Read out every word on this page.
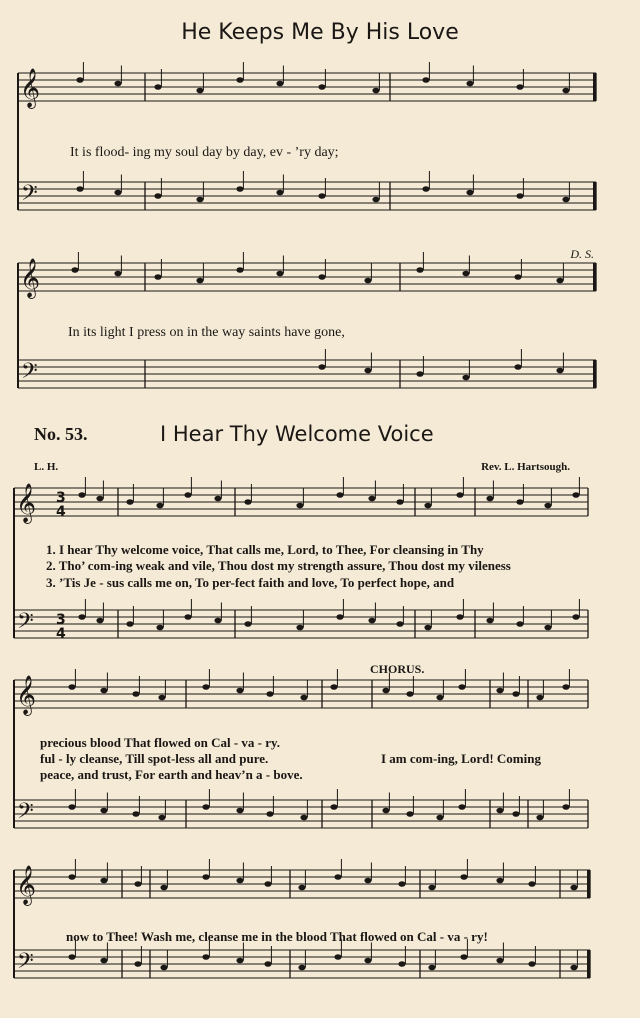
𝄞
𝄢
𝄞
𝄢
𝄞
𝄢
𝄞
𝄢
𝄞
𝄢
3
4
3
4
He Keeps Me By His Love
D. S.
It is flood- ing my soul day by day, ev - ’ry day;
In its light I press on in the way saints have gone,
No. 53.	I Hear Thy Welcome Voice
L. H.	Rev. L. Hartsough.
1. I hear Thy welcome voice, That calls me, Lord, to Thee, For cleansing in Thy
2. Tho’ com-ing weak and vile, Thou dost my strength assure, Thou dost my vileness
3. ’Tis Je - sus calls me on, To per-fect faith and love, To perfect hope, and
CHORUS.
precious blood That flowed on Cal - va - ry.
ful - ly cleanse, Till spot-less all and pure.
peace, and trust, For earth and heav’n a - bove.
I am com-ing, Lord! Coming
now to Thee! Wash me, cleanse me in the blood That flowed on Cal - va - ry!
